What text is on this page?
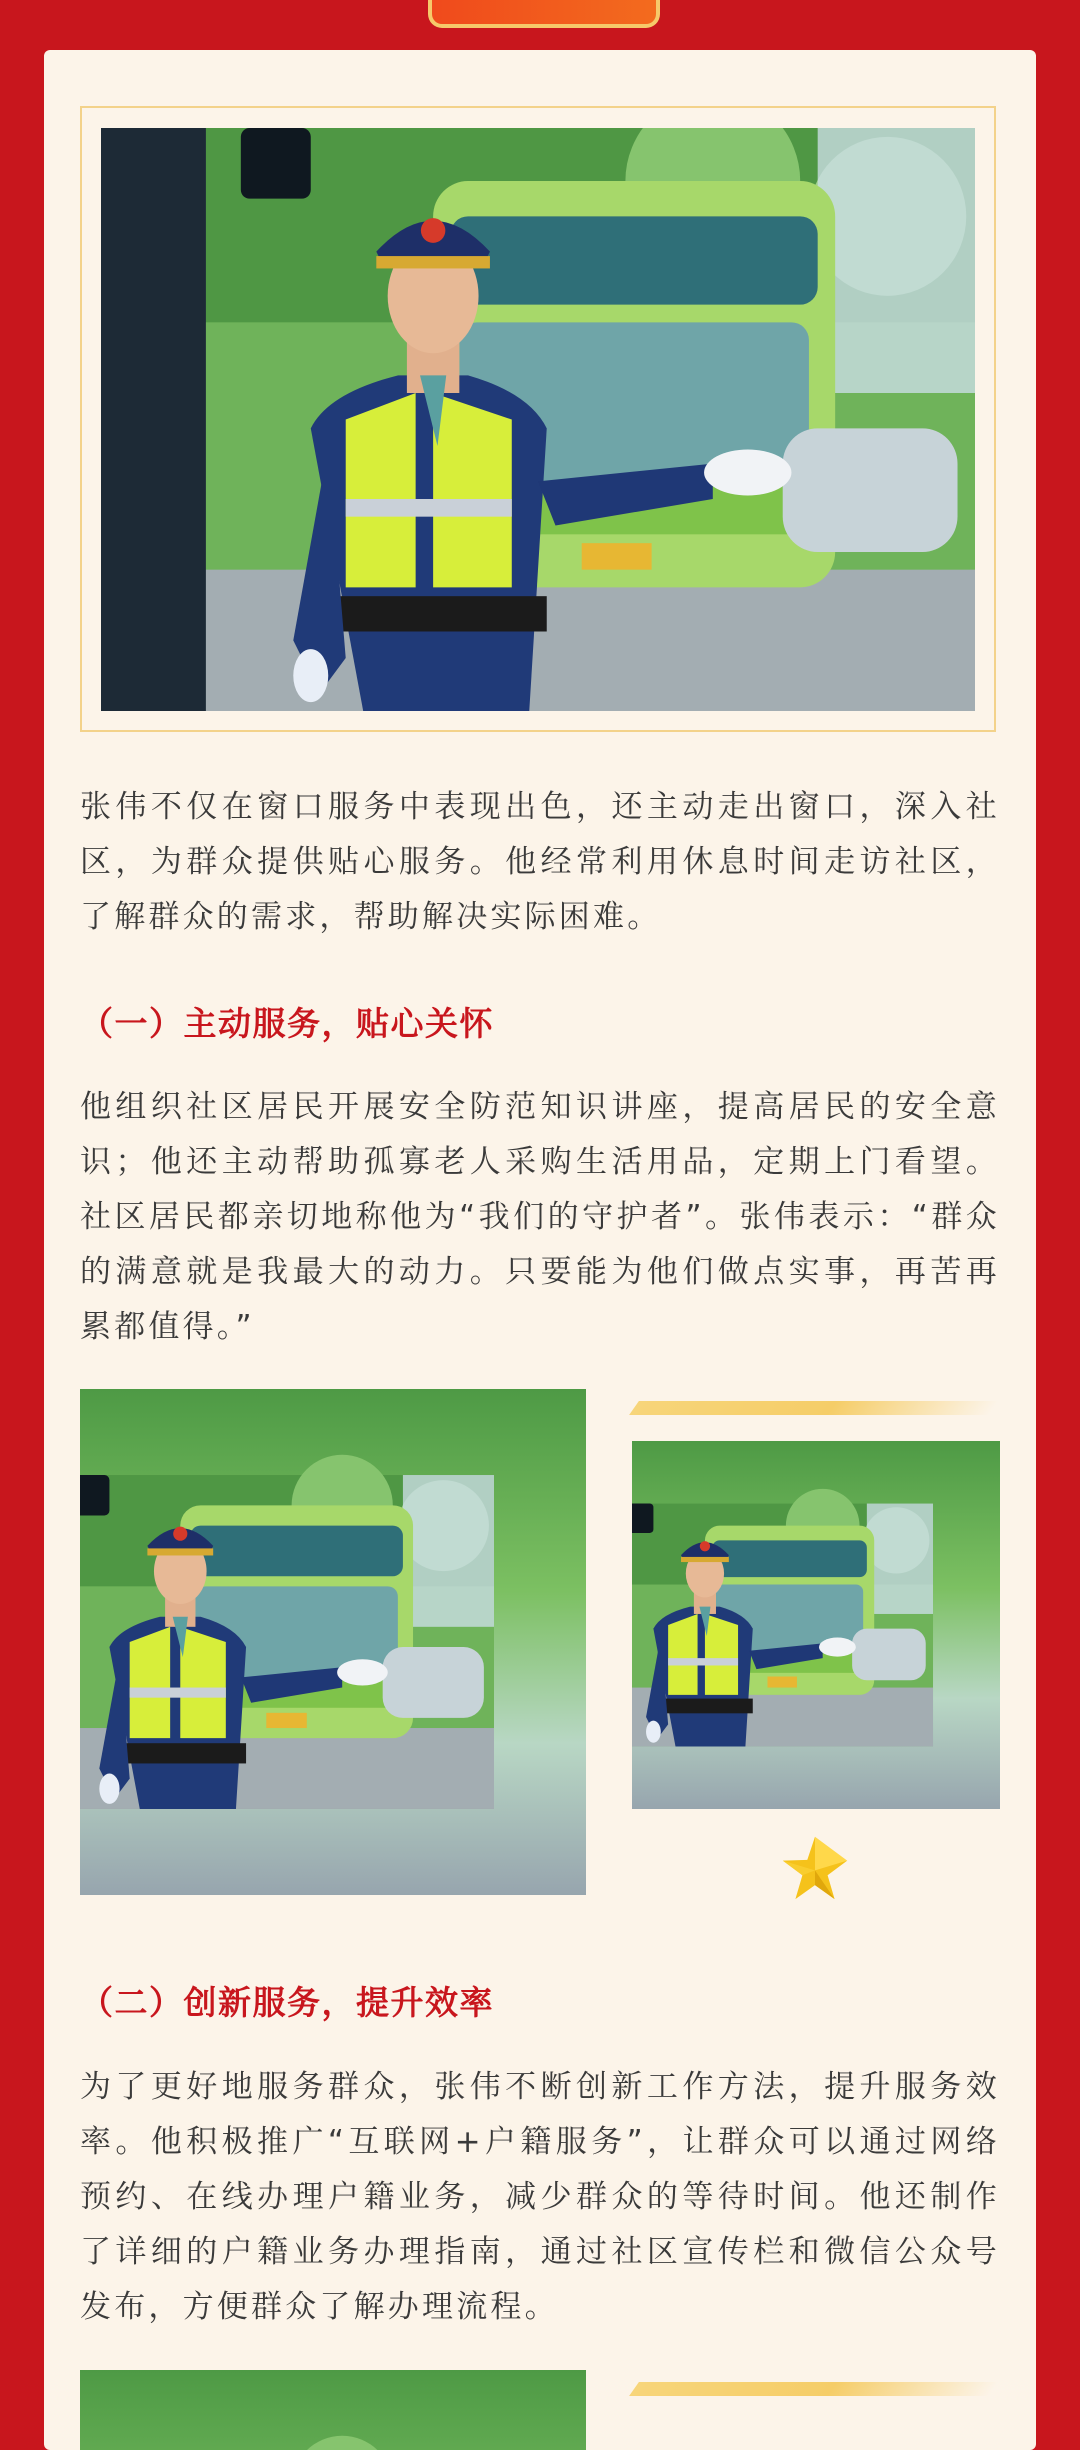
张伟不仅在窗口服务中表现出色，还主动走出窗口，深入社区，为群众提供贴心服务。他经常利用休息时间走访社区，了解群众的需求，帮助解决实际困难。

（一）主动服务，贴心关怀

他组织社区居民开展安全防范知识讲座，提高居民的安全意识；他还主动帮助孤寡老人采购生活用品，定期上门看望。社区居民都亲切地称他为“我们的守护者”。张伟表示：“群众的满意就是我最大的动力。只要能为他们做点实事，再苦再累都值得。”

（二）创新服务，提升效率

为了更好地服务群众，张伟不断创新工作方法，提升服务效率。他积极推广“互联网+户籍服务”，让群众可以通过网络预约、在线办理户籍业务，减少群众的等待时间。他还制作了详细的户籍业务办理指南，通过社区宣传栏和微信公众号发布，方便群众了解办理流程。
